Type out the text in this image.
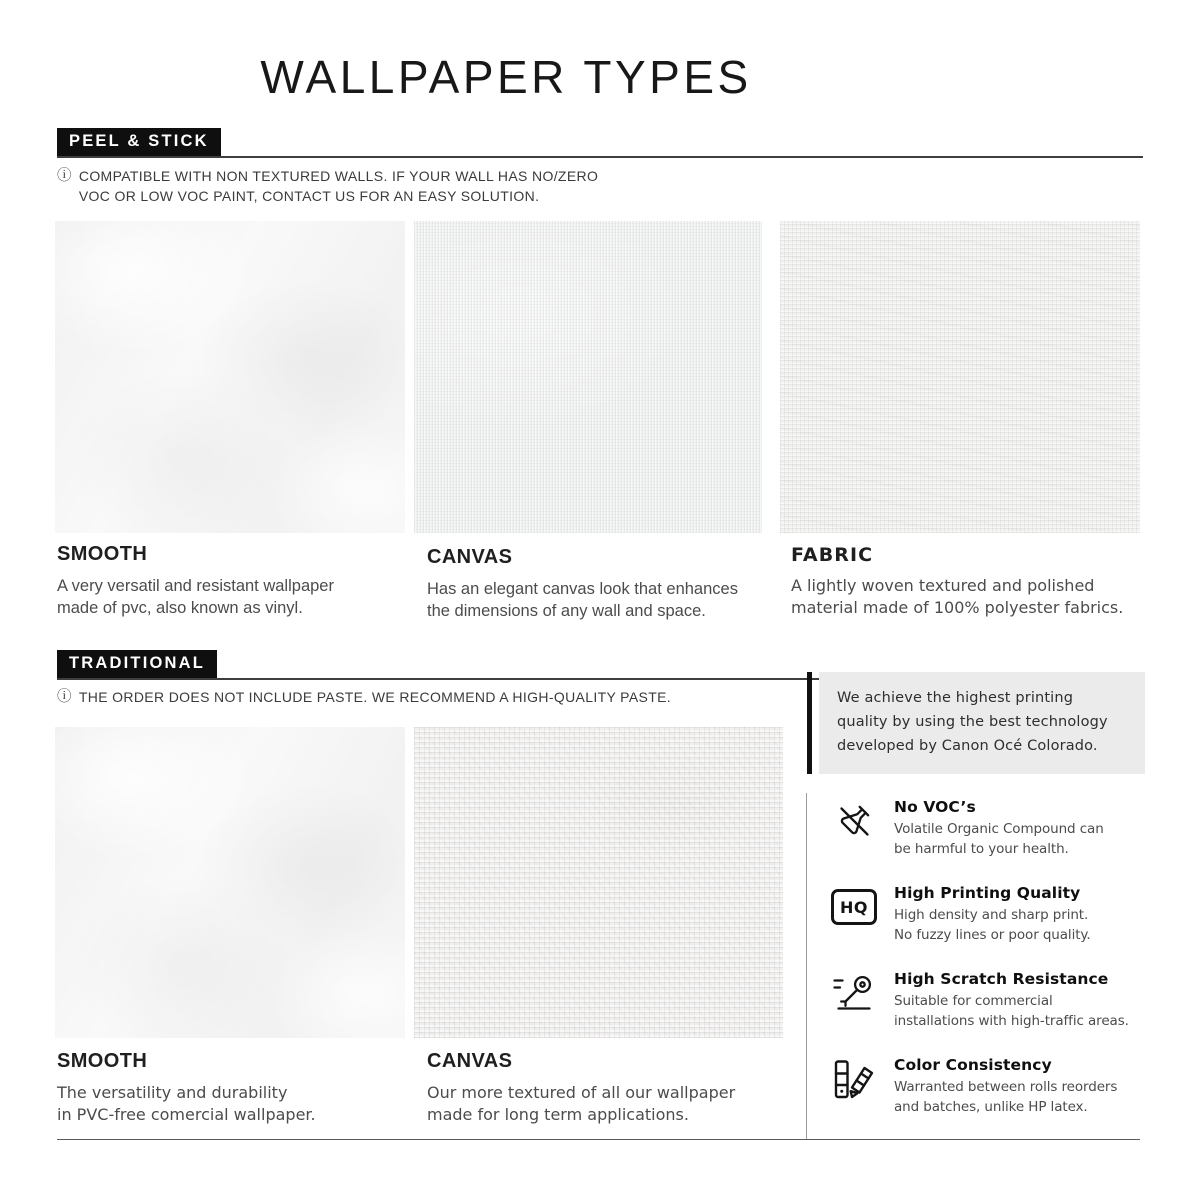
WALLPAPER TYPES
PEEL & STICK
ⓘ COMPATIBLE WITH NON TEXTURED WALLS. IF YOUR WALL HAS NO/ZERO
VOC OR LOW VOC PAINT, CONTACT US FOR AN EASY SOLUTION.
SMOOTH
A very versatil and resistant wallpaper
made of pvc, also known as vinyl.
CANVAS
Has an elegant canvas look that enhances
the dimensions of any wall and space.
FABRIC
A lightly woven textured and polished
material made of 100% polyester fabrics.
TRADITIONAL
ⓘ THE ORDER DOES NOT INCLUDE PASTE. WE RECOMMEND A HIGH-QUALITY PASTE.
SMOOTH
The versatility and durability
in PVC-free comercial wallpaper.
CANVAS
Our more textured of all our wallpaper
made for long term applications.
We achieve the highest printing
quality by using the best technology
developed by Canon Océ Colorado.
No VOC’s
Volatile Organic Compound can
be harmful to your health.
HQ
High Printing Quality
High density and sharp print.
No fuzzy lines or poor quality.
High Scratch Resistance
Suitable for commercial
installations with high-traffic areas.
Color Consistency
Warranted between rolls reorders
and batches, unlike HP latex.
